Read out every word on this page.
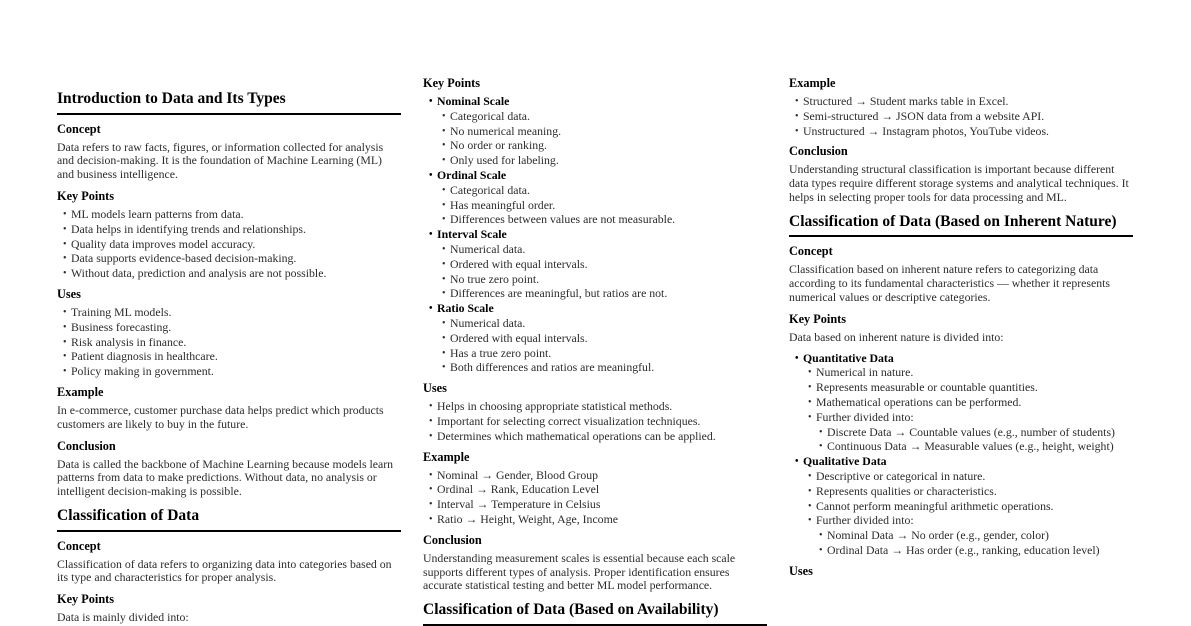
Introduction to Data and Its Types
Concept
Data refers to raw facts, figures, or information collected for analysis and decision-making. It is the foundation of Machine Learning (ML) and business intelligence.
Key Points
• ML models learn patterns from data.
• Data helps in identifying trends and relationships.
• Quality data improves model accuracy.
• Data supports evidence-based decision-making.
• Without data, prediction and analysis are not possible.
Uses
• Training ML models.
• Business forecasting.
• Risk analysis in finance.
• Patient diagnosis in healthcare.
• Policy making in government.
Example
In e-commerce, customer purchase data helps predict which products customers are likely to buy in the future.
Conclusion
Data is called the backbone of Machine Learning because models learn patterns from data to make predictions. Without data, no analysis or intelligent decision-making is possible.
Classification of Data
Concept
Classification of data refers to organizing data into categories based on its type and characteristics for proper analysis.
Key Points
Data is mainly divided into:
Key Points
• Nominal Scale
• Categorical data.
• No numerical meaning.
• No order or ranking.
• Only used for labeling.
• Ordinal Scale
• Categorical data.
• Has meaningful order.
• Differences between values are not measurable.
• Interval Scale
• Numerical data.
• Ordered with equal intervals.
• No true zero point.
• Differences are meaningful, but ratios are not.
• Ratio Scale
• Numerical data.
• Ordered with equal intervals.
• Has a true zero point.
• Both differences and ratios are meaningful.
Uses
• Helps in choosing appropriate statistical methods.
• Important for selecting correct visualization techniques.
• Determines which mathematical operations can be applied.
Example
• Nominal → Gender, Blood Group
• Ordinal → Rank, Education Level
• Interval → Temperature in Celsius
• Ratio → Height, Weight, Age, Income
Conclusion
Understanding measurement scales is essential because each scale supports different types of analysis. Proper identification ensures accurate statistical testing and better ML model performance.
Classification of Data (Based on Availability)
Example
• Structured → Student marks table in Excel.
• Semi-structured → JSON data from a website API.
• Unstructured → Instagram photos, YouTube videos.
Conclusion
Understanding structural classification is important because different data types require different storage systems and analytical techniques. It helps in selecting proper tools for data processing and ML.
Classification of Data (Based on Inherent Nature)
Concept
Classification based on inherent nature refers to categorizing data according to its fundamental characteristics — whether it represents numerical values or descriptive categories.
Key Points
Data based on inherent nature is divided into:
• Quantitative Data
• Numerical in nature.
• Represents measurable or countable quantities.
• Mathematical operations can be performed.
• Further divided into:
• Discrete Data → Countable values (e.g., number of students)
• Continuous Data → Measurable values (e.g., height, weight)
• Qualitative Data
• Descriptive or categorical in nature.
• Represents qualities or characteristics.
• Cannot perform meaningful arithmetic operations.
• Further divided into:
• Nominal Data → No order (e.g., gender, color)
• Ordinal Data → Has order (e.g., ranking, education level)
Uses
